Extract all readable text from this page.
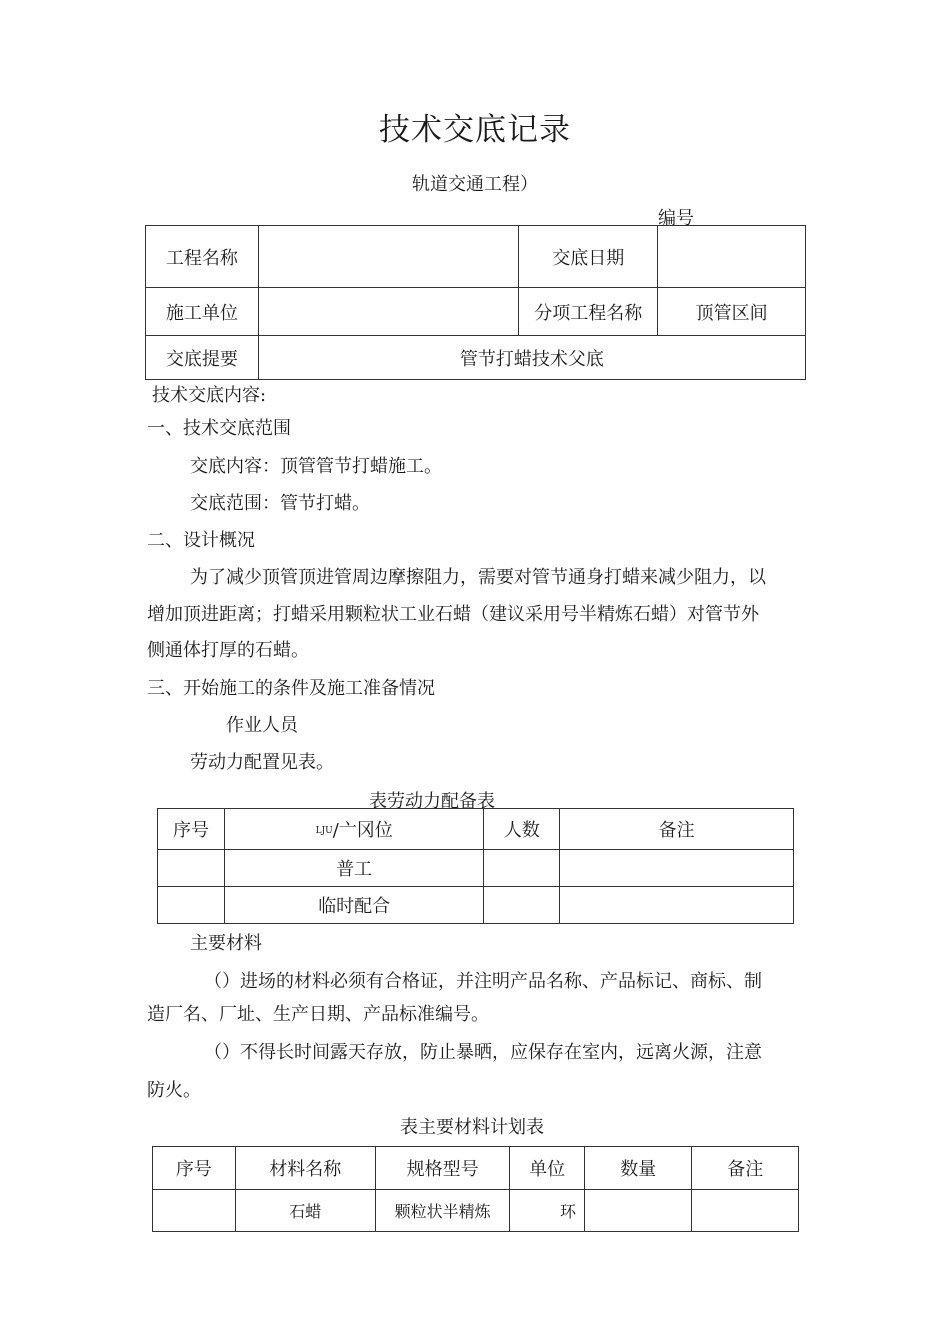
技术交底记录
轨道交通工程）
编号
工程名称		交底日期	
施工单位		分项工程名称	顶管区间
交底提要	管节打蜡技术父底		
技术交底内容:
一、技术交底范围
交底内容：顶管管节打蜡施工。
交底范围：管节打蜡。
二、设计概况
为了减少顶管顶进管周边摩擦阻力，需要对管节通身打蜡来减少阻力，以
增加顶进距离；打蜡采用颗粒状工业石蜡（建议采用号半精炼石蜡）对管节外
侧通体打厚的石蜡。
三、开始施工的条件及施工准备情况
作业人员
劳动力配置见表。
表劳动力配备表
序号	LJU/亠冈位	人数	备注
	普工		
	临时配合		
主要材料
（）进场的材料必须有合格证，并注明产品名称、产品标记、商标、制
造厂名、厂址、生产日期、产品标准编号。
（）不得长时间露天存放，防止暴晒，应保存在室内，远离火源，注意
防火。
表主要材料计划表
序号	材料名称	规格型号	单位	数量	备注
	石蜡	颗粒状半精炼	环		
